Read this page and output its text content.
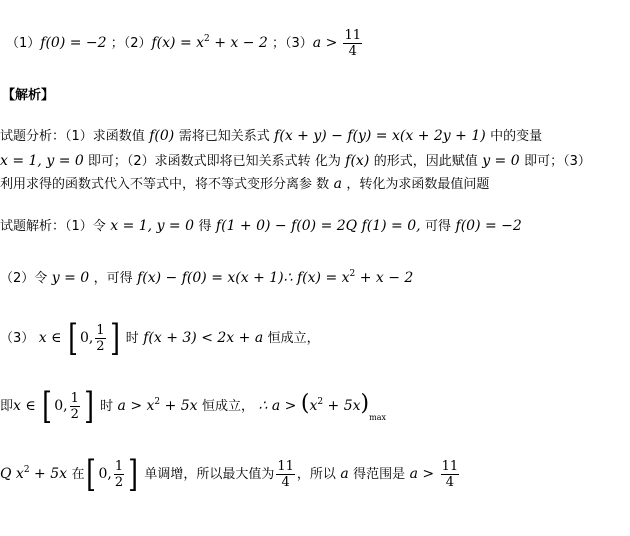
（1）f(0) = −2 ；$(2)f(x) = x^2 + x - 2$ ；$(3)a > \frac{11}{4}$
【解析】
试题分析：（1）求函数值 f(0) 需将已知关系式 f(x + y) − f(y) = x(x + 2y + 1) 中的变量
x = 1, y = 0 即可；（2）求函数式即将已知关系式转 化为 f(x) 的形式，因此赋值 y = 0 即可；（3）
利用求得的函数式代入不等式中，将不等式变形分离参 数 a ，转化为求函数最值问题
试题解析：（1）令 x = 1, y = 0 得 f(1 + 0) − f(0) = 2Q f(1) = 0, 可得 f(0) = −2
（2）令 y = 0 ，可得 f(x) − f(0) = x(x + 1)∴ $f(x) = x^2 + x - 2$
（3） x ∈ [ 0, $\frac{1}{2}$ ] 时 f(x + 3) < 2x + a 恒成立，
即x ∈ [ 0, $\frac{1}{2}$ ] 时 $a > x^2 + 5x$ 恒成立， ∴ $a > (x^2 + 5x)_{max}$
Q $x^2 + 5x$ 在[ 0, $\frac{1}{2}$ ] 单调增，所以最大值为 $\frac{11}{4}$ ，所以 a 得范围是 $a > \frac{11}{4}$
